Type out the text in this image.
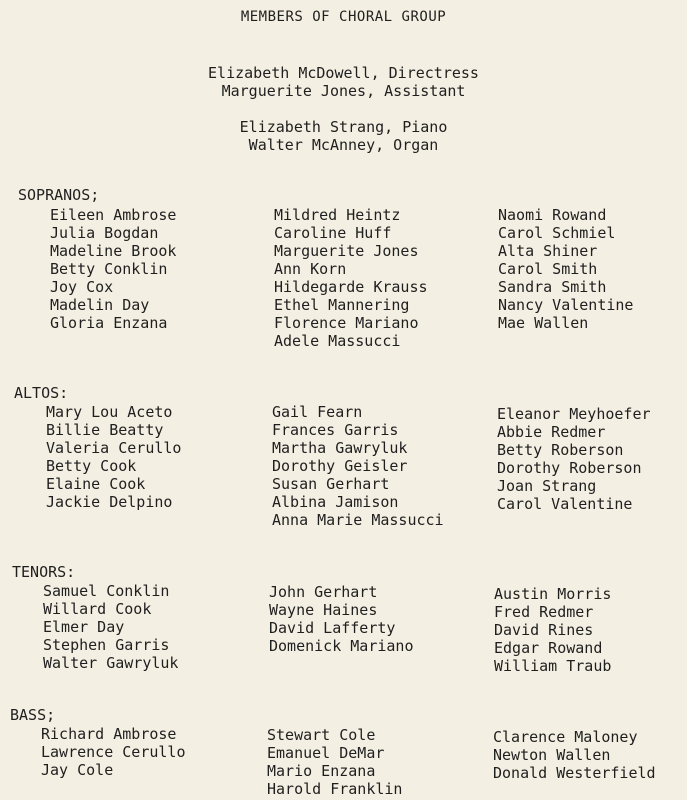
MEMBERS OF CHORAL GROUP
Elizabeth McDowell, Directress
Marguerite Jones, Assistant
Elizabeth Strang, Piano
Walter McAnney, Organ
SOPRANOS;
Eileen Ambrose
Julia Bogdan
Madeline Brook
Betty Conklin
Joy Cox
Madelin Day
Gloria Enzana
Mildred Heintz
Caroline Huff
Marguerite Jones
Ann Korn
Hildegarde Krauss
Ethel Mannering
Florence Mariano
Adele Massucci
Naomi Rowand
Carol Schmiel
Alta Shiner
Carol Smith
Sandra Smith
Nancy Valentine
Mae Wallen
ALTOS:
Mary Lou Aceto
Billie Beatty
Valeria Cerullo
Betty Cook
Elaine Cook
Jackie Delpino
Gail Fearn
Frances Garris
Martha Gawryluk
Dorothy Geisler
Susan Gerhart
Albina Jamison
Anna Marie Massucci
Eleanor Meyhoefer
Abbie Redmer
Betty Roberson
Dorothy Roberson
Joan Strang
Carol Valentine
TENORS:
Samuel Conklin
Willard Cook
Elmer Day
Stephen Garris
Walter Gawryluk
John Gerhart
Wayne Haines
David Lafferty
Domenick Mariano
Austin Morris
Fred Redmer
David Rines
Edgar Rowand
William Traub
BASS;
Richard Ambrose
Lawrence Cerullo
Jay Cole
Stewart Cole
Emanuel DeMar
Mario Enzana
Harold Franklin
Clarence Maloney
Newton Wallen
Donald Westerfield
